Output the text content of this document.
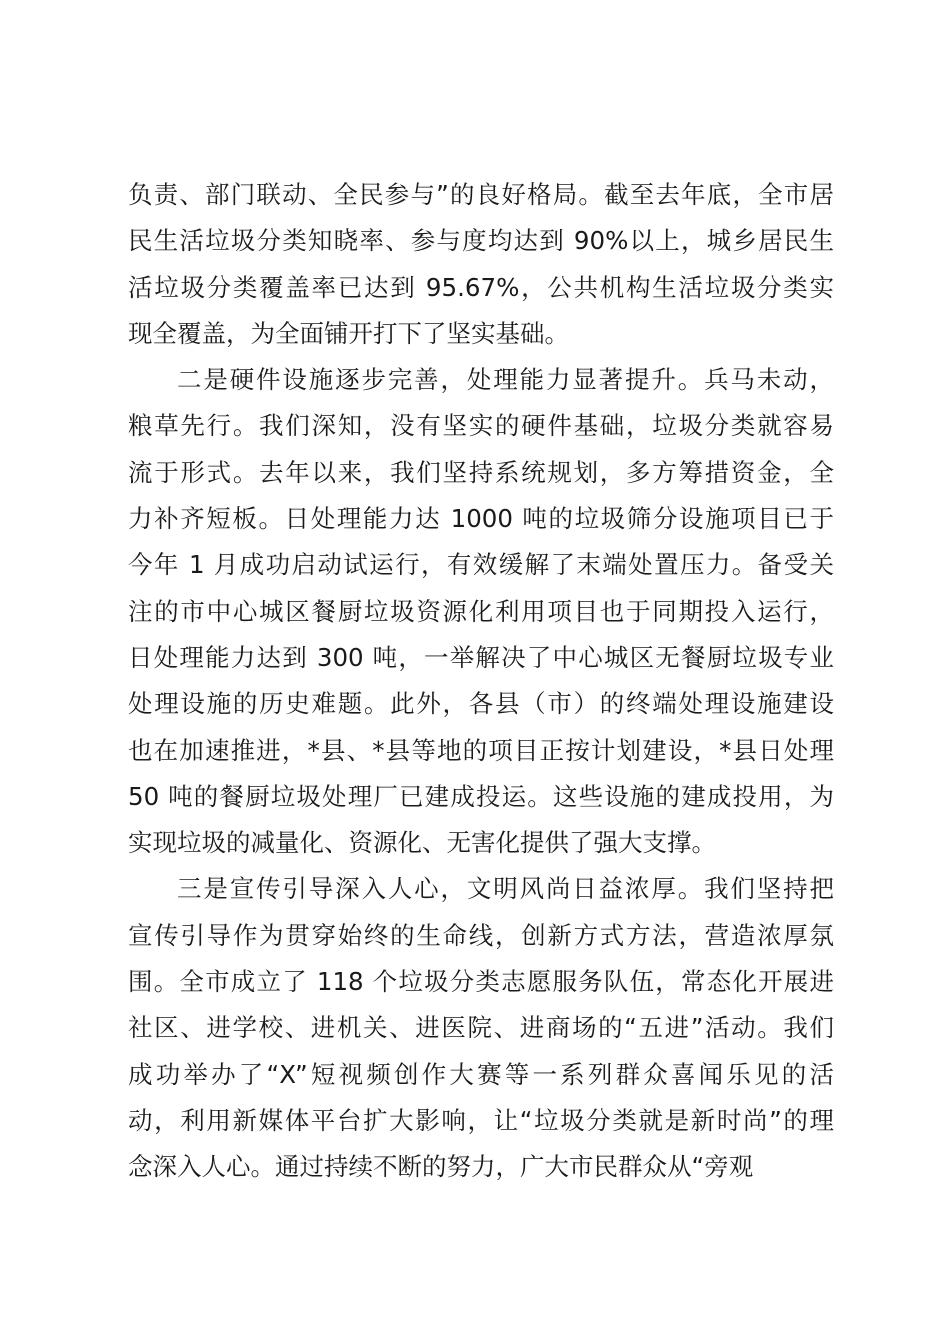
负责、部门联动、全民参与”的良好格局。截至去年底，全市居
民生活垃圾分类知晓率、参与度均达到 90%以上，城乡居民生
活垃圾分类覆盖率已达到 95.67%，公共机构生活垃圾分类实
现全覆盖，为全面铺开打下了坚实基础。
二是硬件设施逐步完善，处理能力显著提升。兵马未动，
粮草先行。我们深知，没有坚实的硬件基础，垃圾分类就容易
流于形式。去年以来，我们坚持系统规划，多方筹措资金，全
力补齐短板。日处理能力达 1000 吨的垃圾筛分设施项目已于
今年 1 月成功启动试运行，有效缓解了末端处置压力。备受关
注的市中心城区餐厨垃圾资源化利用项目也于同期投入运行，
日处理能力达到 300 吨，一举解决了中心城区无餐厨垃圾专业
处理设施的历史难题。此外，各县（市）的终端处理设施建设
也在加速推进，*县、*县等地的项目正按计划建设，*县日处理
50 吨的餐厨垃圾处理厂已建成投运。这些设施的建成投用，为
实现垃圾的减量化、资源化、无害化提供了强大支撑。
三是宣传引导深入人心，文明风尚日益浓厚。我们坚持把
宣传引导作为贯穿始终的生命线，创新方式方法，营造浓厚氛
围。全市成立了 118 个垃圾分类志愿服务队伍，常态化开展进
社区、进学校、进机关、进医院、进商场的“五进”活动。我们
成功举办了“X”短视频创作大赛等一系列群众喜闻乐见的活
动，利用新媒体平台扩大影响，让“垃圾分类就是新时尚”的理
念深入人心。通过持续不断的努力，广大市民群众从“旁观
